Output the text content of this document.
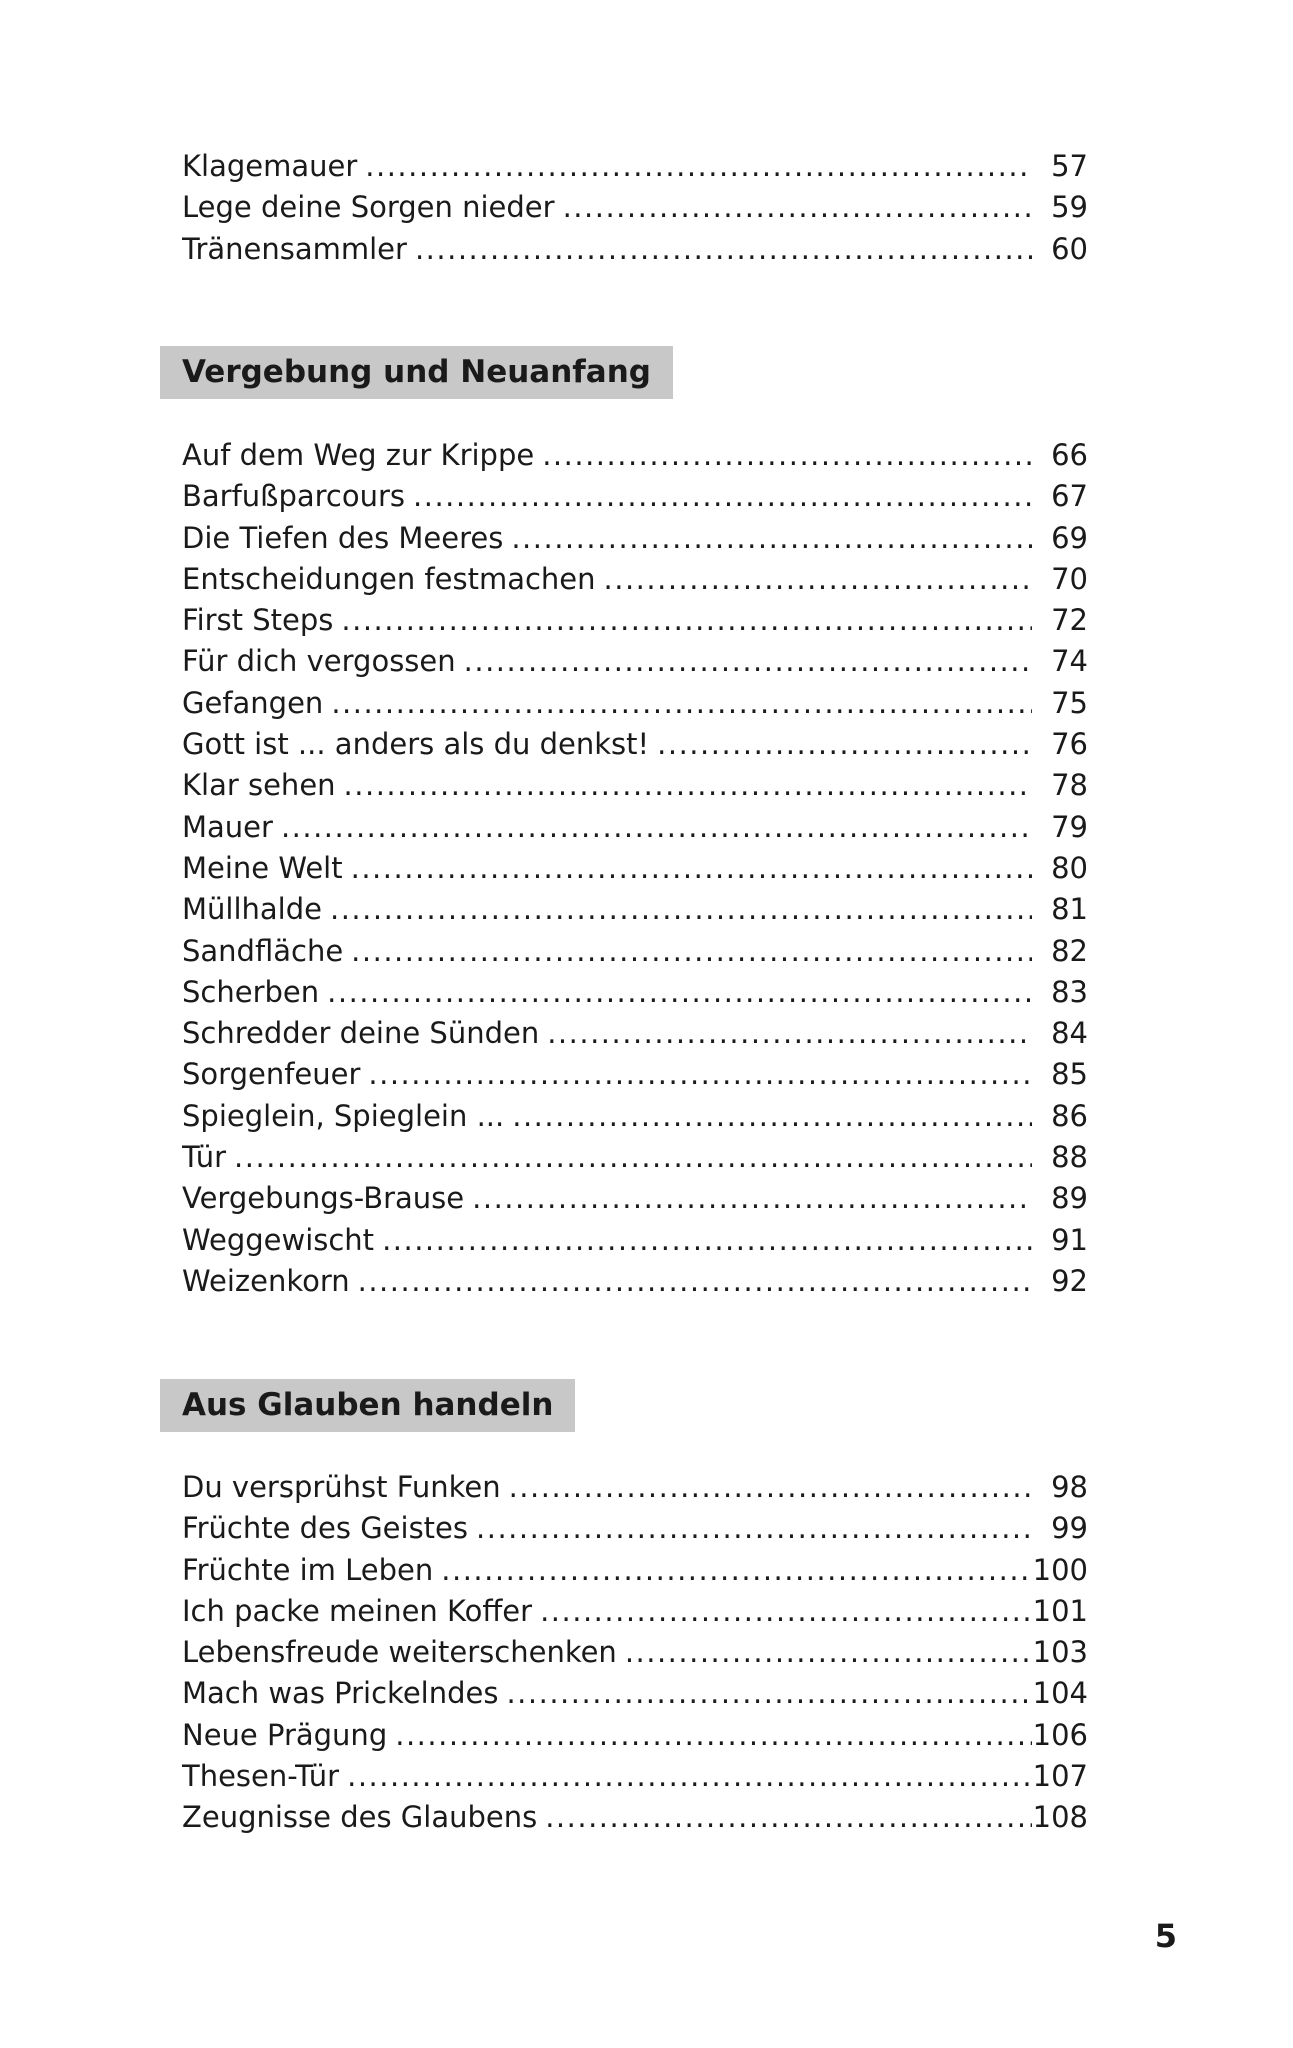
Klagemauer .....	57
Lege deine Sorgen nieder .....	59
Tränensammler .....	60
Vergebung und Neuanfang
Auf dem Weg zur Krippe .....	66
Barfußparcours .....	67
Die Tiefen des Meeres .....	69
Entscheidungen festmachen .....	70
First Steps .....	72
Für dich vergossen .....	74
Gefangen .....	75
Gott ist ... anders als du denkst! .....	76
Klar sehen .....	78
Mauer .....	79
Meine Welt .....	80
Müllhalde .....	81
Sandfläche .....	82
Scherben .....	83
Schredder deine Sünden .....	84
Sorgenfeuer .....	85
Spieglein, Spieglein ... .....	86
Tür .....	88
Vergebungs-Brause .....	89
Weggewischt .....	91
Weizenkorn .....	92
Aus Glauben handeln
Du versprühst Funken .....	98
Früchte des Geistes .....	99
Früchte im Leben .....	100
Ich packe meinen Koffer .....	101
Lebensfreude weiterschenken .....	103
Mach was Prickelndes .....	104
Neue Prägung .....	106
Thesen-Tür .....	107
Zeugnisse des Glaubens .....	108
5
